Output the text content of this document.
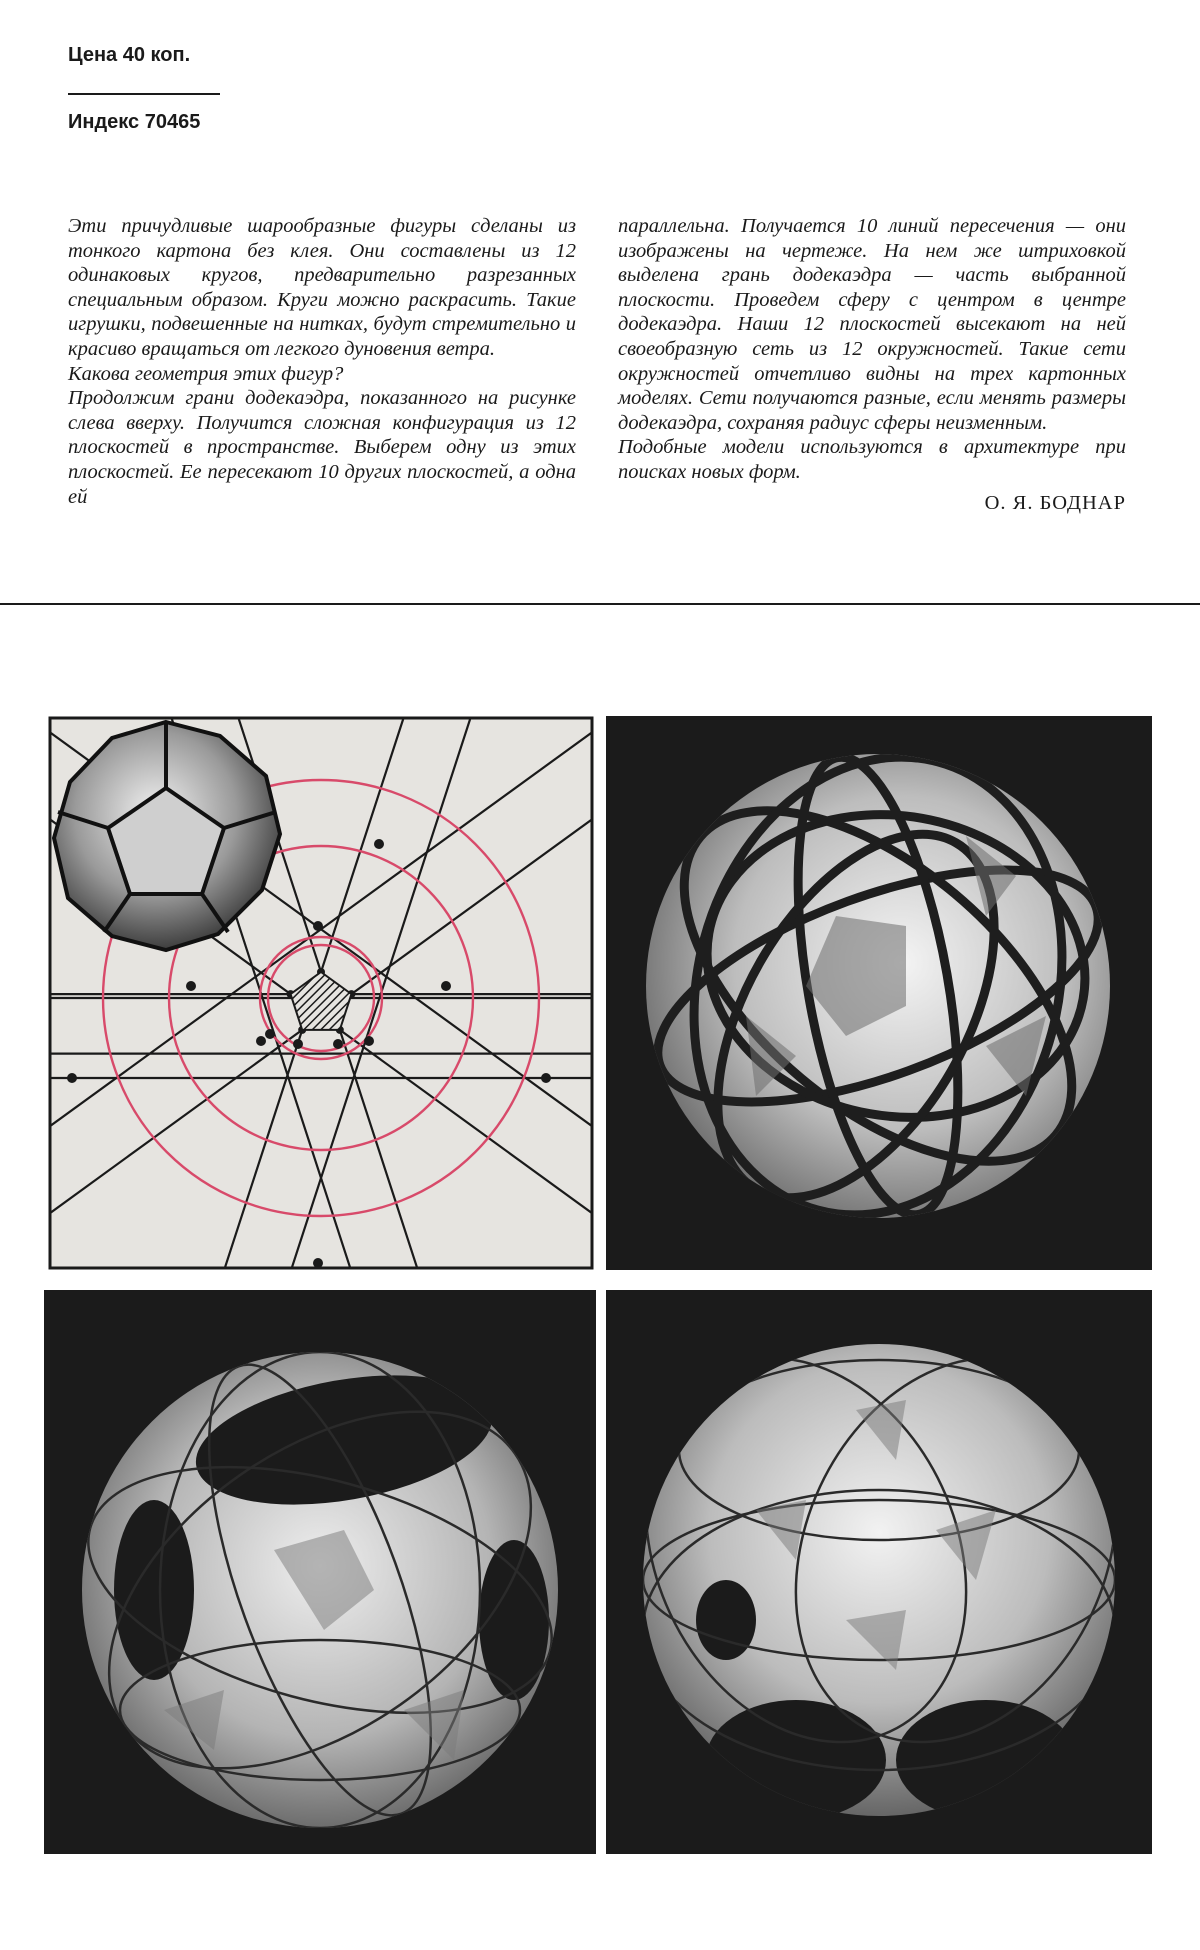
Цена 40 коп.

Индекс 70465

Эти причудливые шарообразные фигуры сделаны из тонкого картона без клея. Они составлены из 12 одинаковых кругов, предварительно разрезанных специальным образом. Круги можно раскрасить. Такие игрушки, подвешенные на нитках, будут стремительно и красиво вращаться от легкого дуновения ветра.

Какова геометрия этих фигур?

Продолжим грани додекаэдра, показанного на рисунке слева вверху. Получится сложная конфигурация из 12 плоскостей в пространстве. Выберем одну из этих плоскостей. Ее пересекают 10 других плоскостей, а одна ей

параллельна. Получается 10 линий пересечения — они изображены на чертеже. На нем же штриховкой выделена грань додекаэдра — часть выбранной плоскости. Проведем сферу с центром в центре додекаэдра. Наши 12 плоскостей высекают на ней своеобразную сеть из 12 окружностей. Такие сети окружностей отчетливо видны на трех картонных моделях. Сети получаются разные, если менять размеры додекаэдра, сохраняя радиус сферы неизменным.

Подобные модели используются в архитектуре при поисках новых форм.

О. Я. БОДНАР
